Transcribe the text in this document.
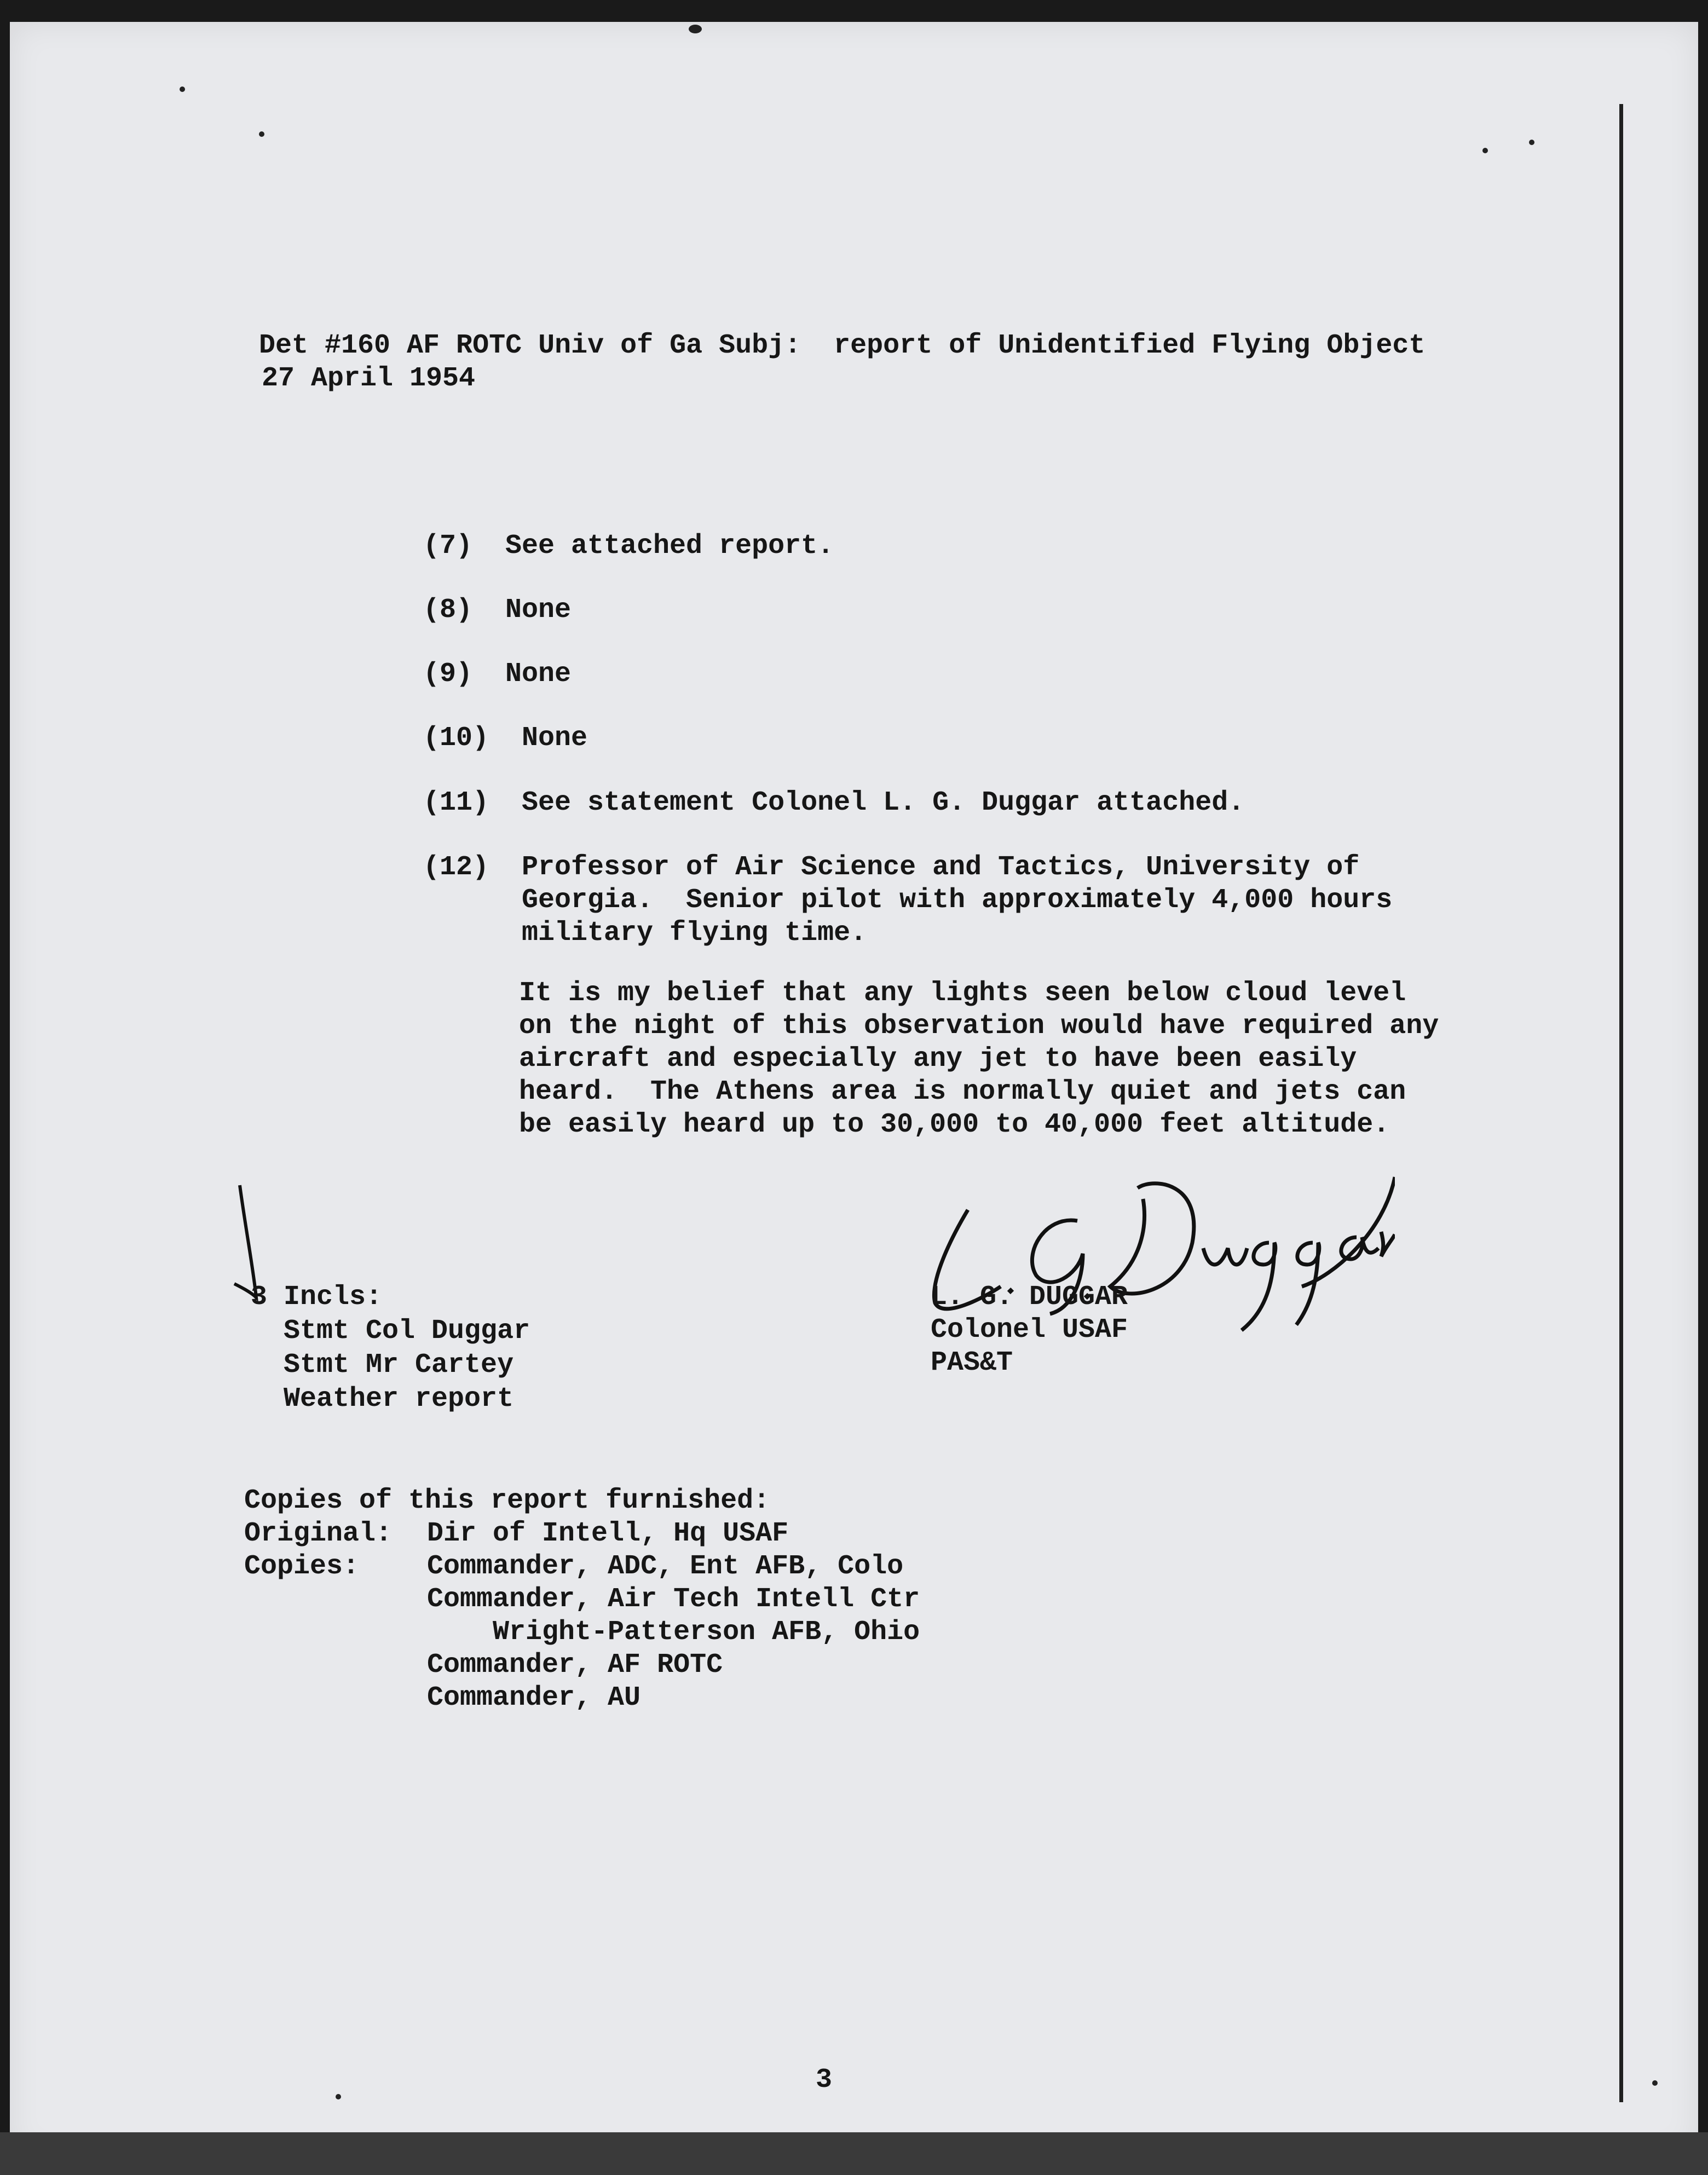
Det #160 AF ROTC Univ of Ga Subj:  report of Unidentified Flying Object
27 April 1954
(7) See attached report.
(8) None
(9) None
(10) None
(11) See statement Colonel L. G. Duggar attached.
(12) Professor of Air Science and Tactics, University of
Georgia.  Senior pilot with approximately 4,000 hours
military flying time.
It is my belief that any lights seen below cloud level
on the night of this observation would have required any
aircraft and especially any jet to have been easily
heard.  The Athens area is normally quiet and jets can
be easily heard up to 30,000 to 40,000 feet altitude.
L. G. DUGGAR
Colonel USAF
PAS&T
3 Incls:
Stmt Col Duggar
Stmt Mr Cartey
Weather report
Copies of this report furnished:
Original: Dir of Intell, Hq USAF
Copies: Commander, ADC, Ent AFB, Colo
Commander, Air Tech Intell Ctr
Wright-Patterson AFB, Ohio
Commander, AF ROTC
Commander, AU
3
